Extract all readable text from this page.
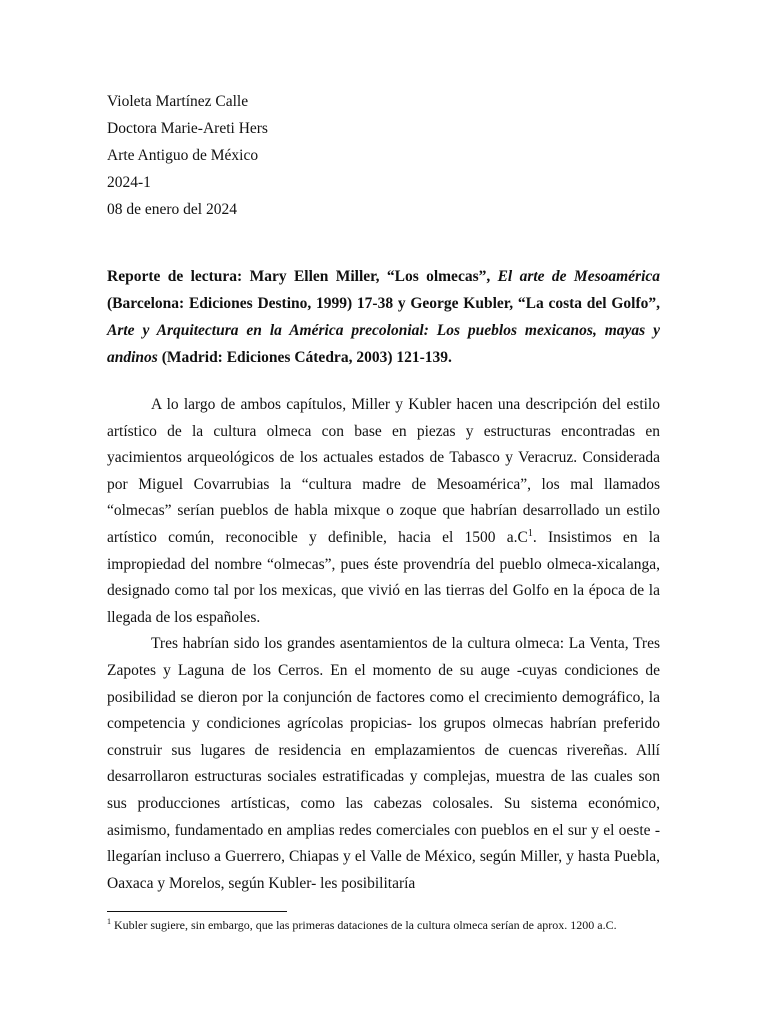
Violeta Martínez Calle
Doctora Marie-Areti Hers
Arte Antiguo de México
2024-1
08 de enero del 2024
Reporte de lectura: Mary Ellen Miller, “Los olmecas”, El arte de Mesoamérica (Barcelona: Ediciones Destino, 1999) 17-38 y George Kubler, “La costa del Golfo”, Arte y Arquitectura en la América precolonial: Los pueblos mexicanos, mayas y andinos (Madrid: Ediciones Cátedra, 2003) 121-139.

A lo largo de ambos capítulos, Miller y Kubler hacen una descripción del estilo artístico de la cultura olmeca con base en piezas y estructuras encontradas en yacimientos arqueológicos de los actuales estados de Tabasco y Veracruz. Considerada por Miguel Covarrubias la “cultura madre de Mesoamérica”, los mal llamados “olmecas” serían pueblos de habla mixque o zoque que habrían desarrollado un estilo artístico común, reconocible y definible, hacia el 1500 a.C$^1$. Insistimos en la impropiedad del nombre “olmecas”, pues éste provendría del pueblo olmeca-xicalanga, designado como tal por los mexicas, que vivió en las tierras del Golfo en la época de la llegada de los españoles.

Tres habrían sido los grandes asentamientos de la cultura olmeca: La Venta, Tres Zapotes y Laguna de los Cerros. En el momento de su auge -cuyas condiciones de posibilidad se dieron por la conjunción de factores como el crecimiento demográfico, la competencia y condiciones agrícolas propicias- los grupos olmecas habrían preferido construir sus lugares de residencia en emplazamientos de cuencas rivereñas. Allí desarrollaron estructuras sociales estratificadas y complejas, muestra de las cuales son sus producciones artísticas, como las cabezas colosales. Su sistema económico, asimismo, fundamentado en amplias redes comerciales con pueblos en el sur y el oeste -llegarían incluso a Guerrero, Chiapas y el Valle de México, según Miller, y hasta Puebla, Oaxaca y Morelos, según Kubler- les posibilitaría

$^1$ Kubler sugiere, sin embargo, que las primeras dataciones de la cultura olmeca serían de aprox. 1200 a.C.
